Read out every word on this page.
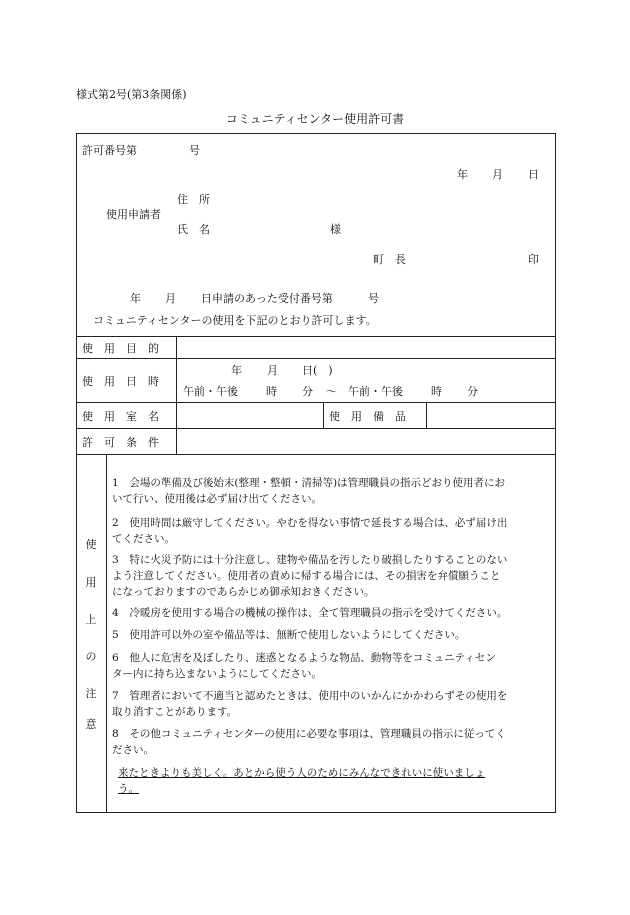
様式第2号(第3条関係)
コミュニティセンター使用許可書
許可番号第	号
年 月 日
住　所
使用申請者
氏　名	様
町　長	印
年 月 日申請のあった受付番号第	号
コミュニティセンターの使用を下記のとおり許可します。
使　用　目　的
使　用　日　時
年 月 日(　)
午前・午後	時 分 ～ 午前・午後	時 分
使　用　室　名	使　用　備　品
許　可　条　件
使
用
上
の
注
意
1 会場の準備及び後始末(整理・整頓・清掃等)は管理職員の指示どおり使用者にお
いて行い、使用後は必ず届け出てください。
2 使用時間は厳守してください。やむを得ない事情で延長する場合は、必ず届け出
てください。
3 特に火災予防には十分注意し、建物や備品を汚したり破損したりすることのない
よう注意してください。使用者の責めに帰する場合には、その損害を弁償願うこと
になっておりますのであらかじめ御承知おきください。
4 冷暖房を使用する場合の機械の操作は、全て管理職員の指示を受けてください。
5 使用許可以外の室や備品等は、無断で使用しないようにしてください。
6 他人に危害を及ぼしたり、迷惑となるような物品、動物等をコミュニティセン
ター内に持ち込まないようにしてください。
7 管理者において不適当と認めたときは、使用中のいかんにかかわらずその使用を
取り消すことがあります。
8 その他コミュニティセンターの使用に必要な事項は、管理職員の指示に従ってく
ださい。
来たときよりも美しく。あとから使う人のためにみんなできれいに使いましょ
う。
